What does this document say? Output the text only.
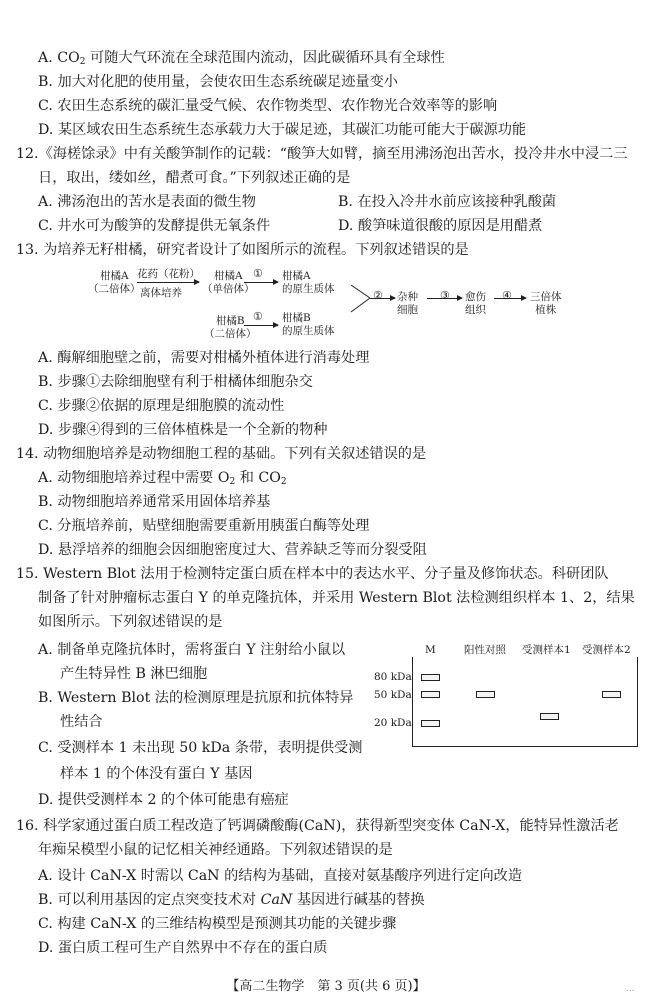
A. $CO_2$ 可随大气环流在全球范围内流动，因此碳循环具有全球性
B. 加大对化肥的使用量，会使农田生态系统碳足迹量变小
C. 农田生态系统的碳汇量受气候、农作物类型、农作物光合效率等的影响
D. 某区域农田生态系统生态承载力大于碳足迹，其碳汇功能可能大于碳源功能
12.《海槎馀录》中有关酸笋制作的记载：“酸笋大如臂，摘至用沸汤泡出苦水，投冷井水中浸二三
日，取出，缕如丝，醋煮可食。”下列叙述正确的是
A. 沸汤泡出的苦水是表面的微生物	B. 在投入冷井水前应该接种乳酸菌
C. 井水可为酸笋的发酵提供无氧条件	D. 酸笋味道很酸的原因是用醋煮
13. 为培养无籽柑橘，研究者设计了如图所示的流程。下列叙述错误的是
柑橘A
（二倍体）
花药（花粉）
离体培养
柑橘A
（单倍体）
① 柑橘A
的原生质体
柑橘B
（二倍体）
① 柑橘B
的原生质体
② 杂种
细胞
③ 愈伤
组织
④ 三倍体
植株
A. 酶解细胞壁之前，需要对柑橘外植体进行消毒处理
B. 步骤①去除细胞壁有利于柑橘体细胞杂交
C. 步骤②依据的原理是细胞膜的流动性
D. 步骤④得到的三倍体植株是一个全新的物种
14. 动物细胞培养是动物细胞工程的基础。下列有关叙述错误的是
A. 动物细胞培养过程中需要 $O_2$ 和 $CO_2$
B. 动物细胞培养通常采用固体培养基
C. 分瓶培养前，贴壁细胞需要重新用胰蛋白酶等处理
D. 悬浮培养的细胞会因细胞密度过大、营养缺乏等而分裂受阻
15. Western Blot 法用于检测特定蛋白质在样本中的表达水平、分子量及修饰状态。科研团队
制备了针对肿瘤标志蛋白 Y 的单克隆抗体，并采用 Western Blot 法检测组织样本 1、2，结果
如图所示。下列叙述错误的是
A. 制备单克隆抗体时，需将蛋白 Y 注射给小鼠以
产生特异性 B 淋巴细胞
B. Western Blot 法的检测原理是抗原和抗体特异
性结合
C. 受测样本 1 未出现 50 kDa 条带，表明提供受测
样本 1 的个体没有蛋白 Y 基因
D. 提供受测样本 2 的个体可能患有癌症
M	阳性对照 受测样本1 受测样本2
80 kDa
50 kDa
20 kDa
16. 科学家通过蛋白质工程改造了钙调磷酸酶(CaN)，获得新型突变体 CaN-X，能特异性激活老
年痴呆模型小鼠的记忆相关神经通路。下列叙述错误的是
A. 设计 CaN-X 时需以 CaN 的结构为基础，直接对氨基酸序列进行定向改造
B. 可以利用基因的定点突变技术对 CaN 基因进行碱基的替换
C. 构建 CaN-X 的三维结构模型是预测其功能的关键步骤
D. 蛋白质工程可生产自然界中不存在的蛋白质
【高二生物学　第 3 页(共 6 页)】	...
